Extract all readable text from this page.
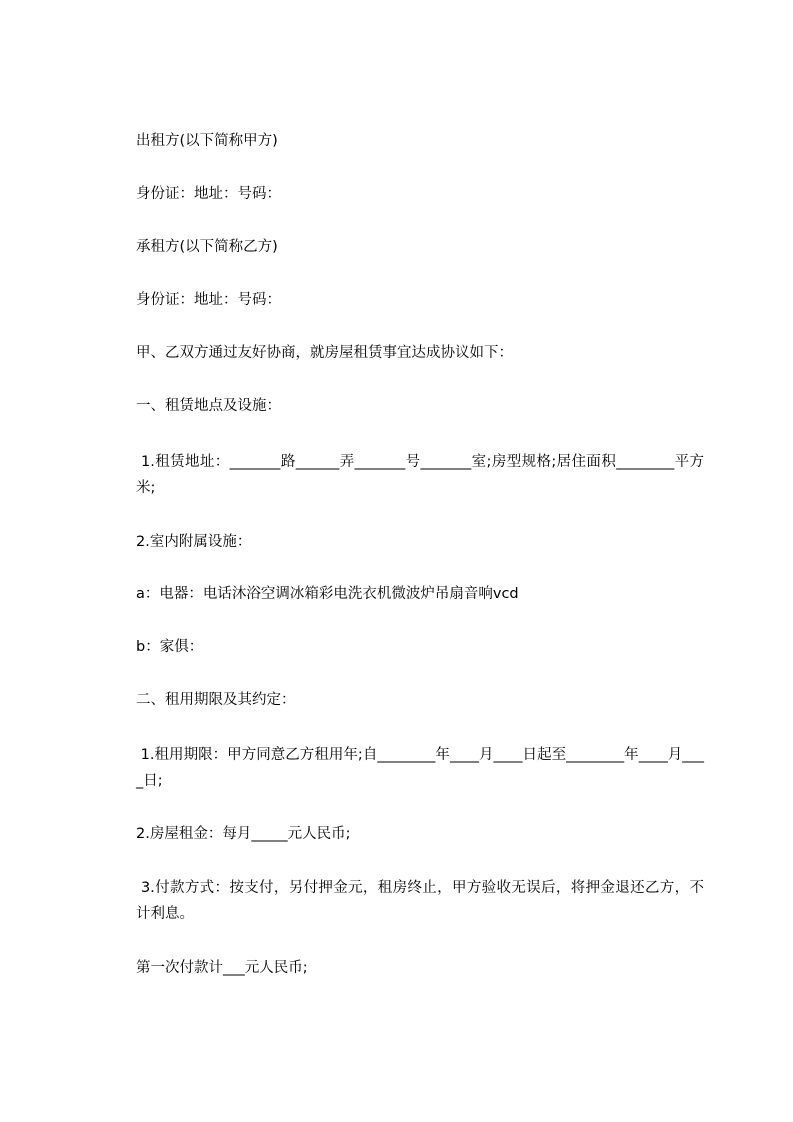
出租方(以下简称甲方)

身份证：地址：号码：

承租方(以下简称乙方)

身份证：地址：号码：

甲、乙双方通过友好协商，就房屋租赁事宜达成协议如下：

一、租赁地点及设施：

1.租赁地址：_______路______弄_______号_______室;房型规格;居住面积________平方米;

2.室内附属设施：

a：电器：电话沐浴空调冰箱彩电洗衣机微波炉吊扇音响vcd

b：家俱：

二、租用期限及其约定：

1.租用期限：甲方同意乙方租用年;自________年____月____日起至________年____月____日;

2.房屋租金：每月_____元人民币;

3.付款方式：按支付，另付押金元，租房终止，甲方验收无误后，将押金退还乙方，不计利息。

第一次付款计___元人民币;
